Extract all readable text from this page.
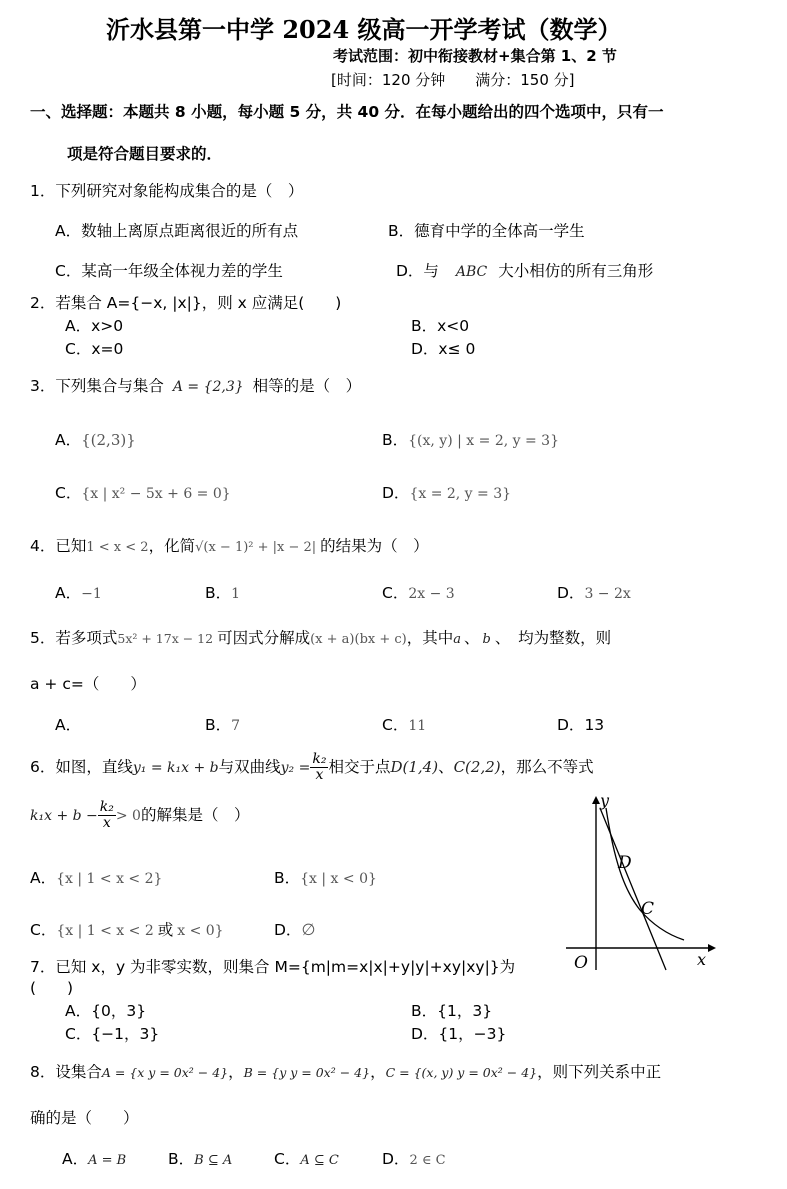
沂水县第一中学 2024 级高一开学考试（数学）
考试范围：初中衔接教材+集合第 1、2 节
[时间：120 分钟　　满分：150 分]
一、选择题：本题共 8 小题，每小题 5 分，共 40 分．在每小题给出的四个选项中，只有一
项是符合题目要求的．
1．下列研究对象能构成集合的是（　）
A．数轴上离原点距离很近的所有点	B．德育中学的全体高一学生
C．某高一年级全体视力差的学生	D．与 ABC 大小相仿的所有三角形
2．若集合 A={−x, |x|}，则 x 应满足(　　)
A．x>0	B．x<0
C．x=0	D．x≤ 0
3．下列集合与集合 A = {2,3} 相等的是（　）
A．{(2,3)}	B．{(x, y) | x = 2, y = 3}
C．{x | x² − 5x + 6 = 0}	D．{x = 2, y = 3}
4．已知1 < x < 2，化简√(x − 1)² + |x − 2| 的结果为（　）
A．−1	B．1	C．2x − 3	D．3 − 2x
5．若多项式5x² + 17x − 12 可因式分解成(x + a)(bx + c)，其中a 、 b 、　均为整数，则
a + c=（　　）
A．	B．7	C．11	D．13
6．如图，直线y₁ = k₁x + b与双曲线$y_2 = \frac{\text{k₂}}{x}$ 相交于点D(1,4)、C(2,2)，那么不等式
$k_1x + b - \frac{\text{k₂}}{x} > 0$的解集是（　）
A．{x | 1 < x < 2}	B．{x | x < 0}
C．{x | 1 < x < 2 或 x < 0}	D．∅
y
x
O
D
C
7．已知 x，y 为非零实数，则集合 M={m|m=x|x|+y|y|+xy|xy|}为
(　　)
A．{0，3}	B．{1，3}
C．{−1，3}	D．{1，−3}
8．设集合A = {x y = 0x² − 4}，B = {y y = 0x² − 4}，C = {(x, y) y = 0x² − 4}，则下列关系中正
确的是（　　）
A．A = B	B．B ⊆ A	C．A ⊆ C	D．2 ∈ C
